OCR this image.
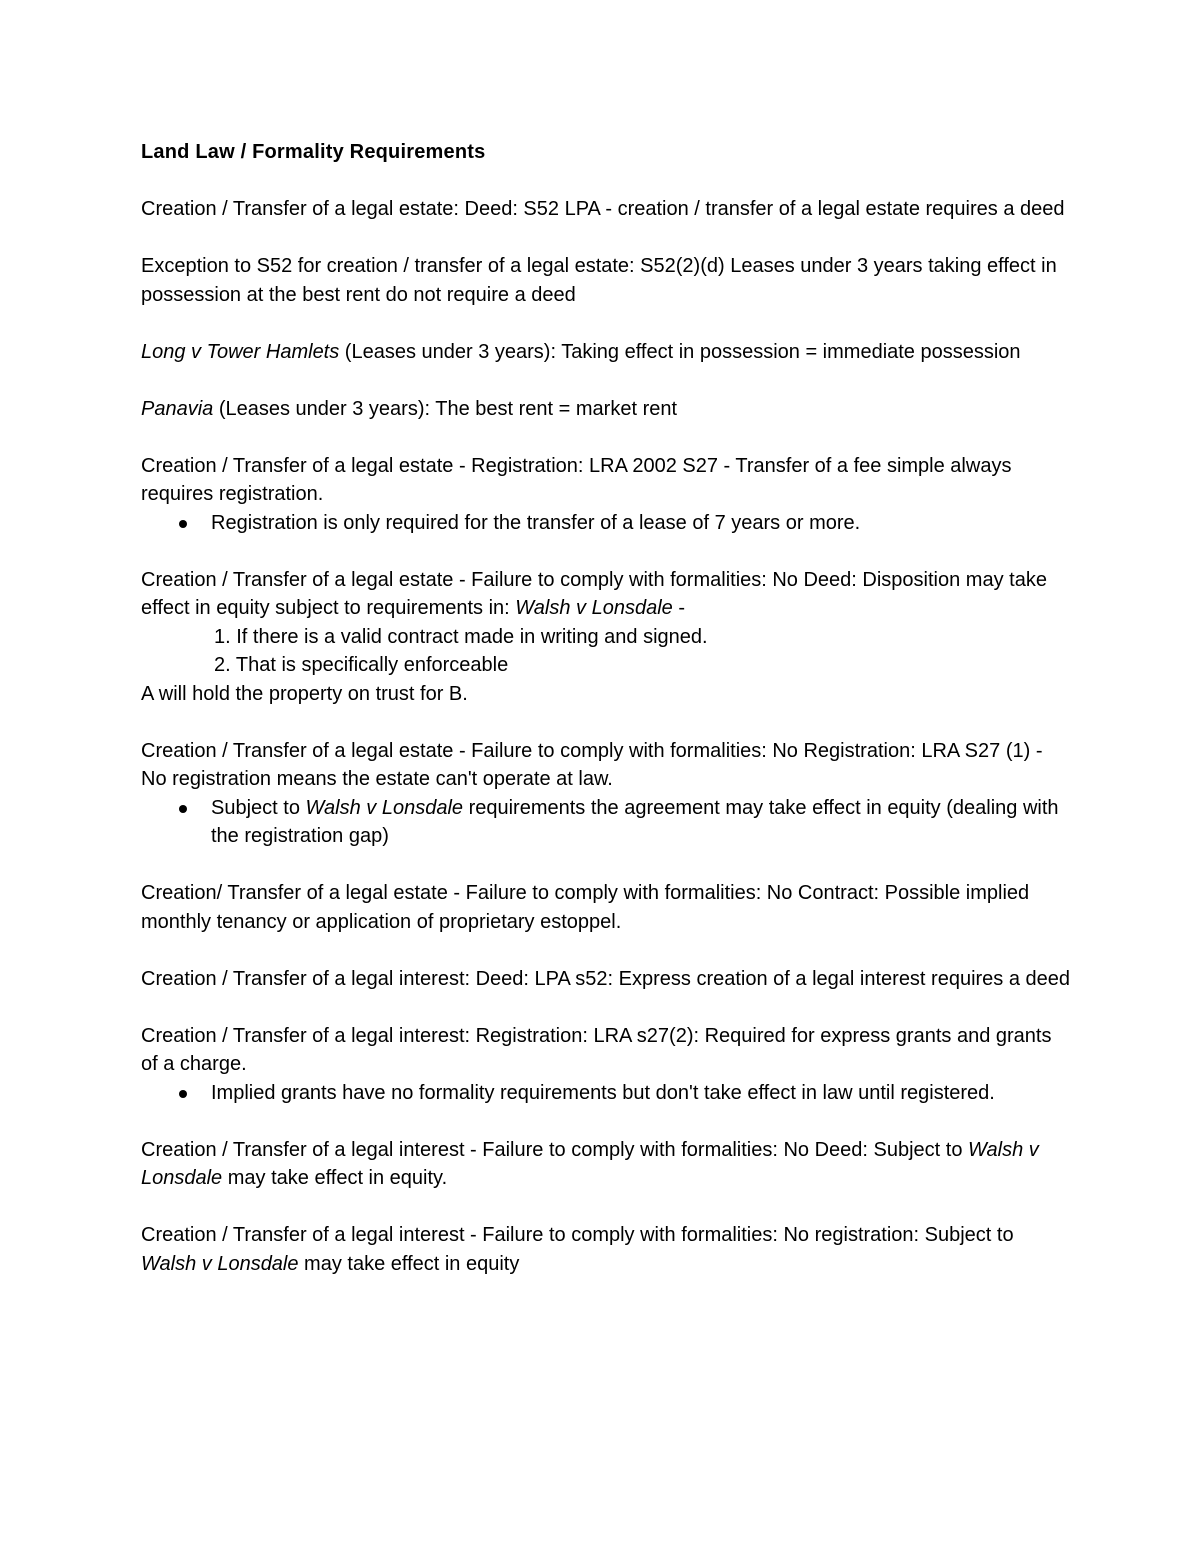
Land Law / Formality Requirements
Creation / Transfer of a legal estate: Deed: S52 LPA - creation / transfer of a legal estate requires a deed
Exception to S52 for creation / transfer of a legal estate: S52(2)(d) Leases under 3 years taking effect in possession at the best rent do not require a deed
Long v Tower Hamlets (Leases under 3 years): Taking effect in possession = immediate possession
Panavia (Leases under 3 years): The best rent = market rent
Creation / Transfer of a legal estate - Registration: LRA 2002 S27 - Transfer of a fee simple always requires registration.
Registration is only required for the transfer of a lease of 7 years or more.
Creation / Transfer of a legal estate - Failure to comply with formalities: No Deed: Disposition may take effect in equity subject to requirements in: Walsh v Lonsdale -
1. If there is a valid contract made in writing and signed.
2. That is specifically enforceable
A will hold the property on trust for B.
Creation / Transfer of a legal estate - Failure to comply with formalities: No Registration: LRA S27 (1) - No registration means the estate can't operate at law.
Subject to Walsh v Lonsdale requirements the agreement may take effect in equity (dealing with the registration gap)
Creation/ Transfer of a legal estate - Failure to comply with formalities: No Contract: Possible implied monthly tenancy or application of proprietary estoppel.
Creation / Transfer of a legal interest: Deed: LPA s52: Express creation of a legal interest requires a deed
Creation / Transfer of a legal interest: Registration: LRA s27(2): Required for express grants and grants of a charge.
Implied grants have no formality requirements but don't take effect in law until registered.
Creation / Transfer of a legal interest - Failure to comply with formalities: No Deed: Subject to Walsh v Lonsdale may take effect in equity.
Creation / Transfer of a legal interest - Failure to comply with formalities: No registration: Subject to Walsh v Lonsdale may take effect in equity
